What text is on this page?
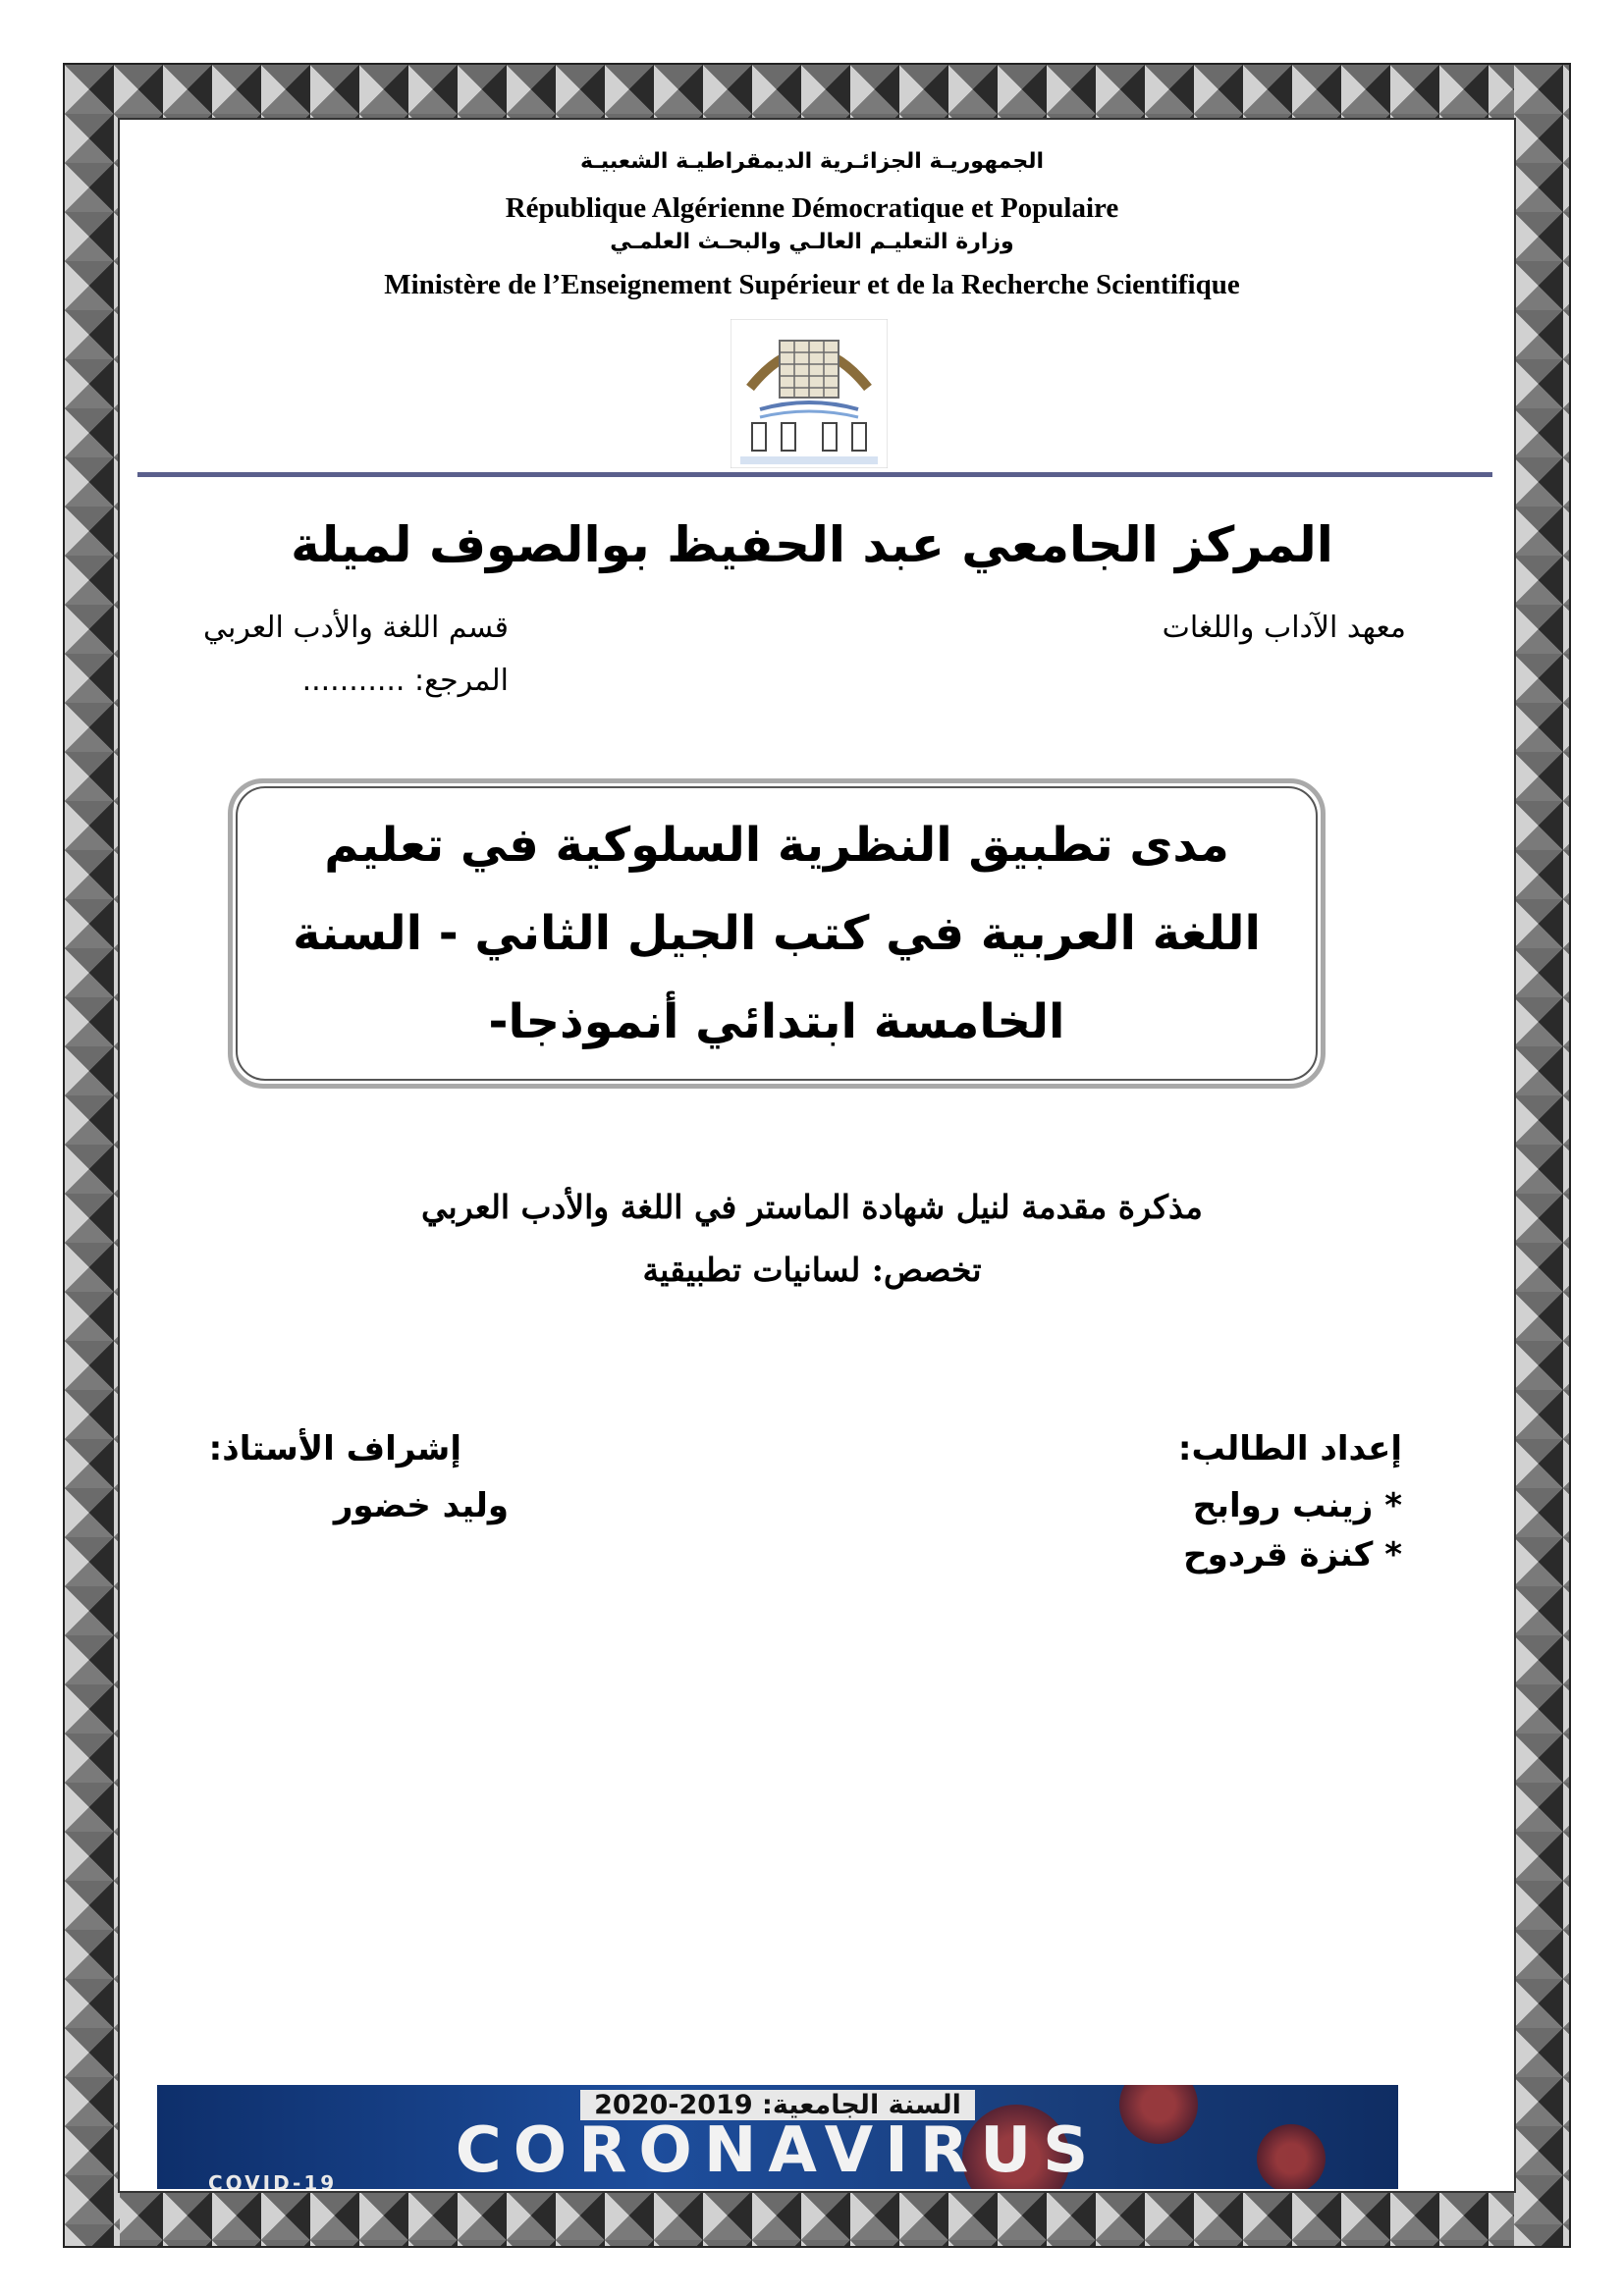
الجمهوريـة الجزائـرية الديمقراطيـة الشعبيـة

République Algérienne Démocratique et Populaire

وزارة التعليـم العالـي والبحـث العلمـي

Ministère de l’Enseignement Supérieur et de la Recherche Scientifique

المركز الجامعي عبد الحفيظ بوالصوف لميلة
معهد الآداب واللغات
قسم اللغة والأدب العربي
المرجع: ...........

مدى تطبيق النظرية السلوكية في تعليم اللغة العربية في كتب الجيل الثاني - السنة الخامسة ابتدائي أنموذجا-

مذكرة مقدمة لنيل شهادة الماستر في اللغة والأدب العربي
تخصص: لسانيات تطبيقية
إعداد الطالب:
* زينب روابح
* كنزة قردوح
إشراف الأستاذ:
وليد خضور
السنة الجامعية: 2019-2020
CORONAVIRUS
COVID-19
